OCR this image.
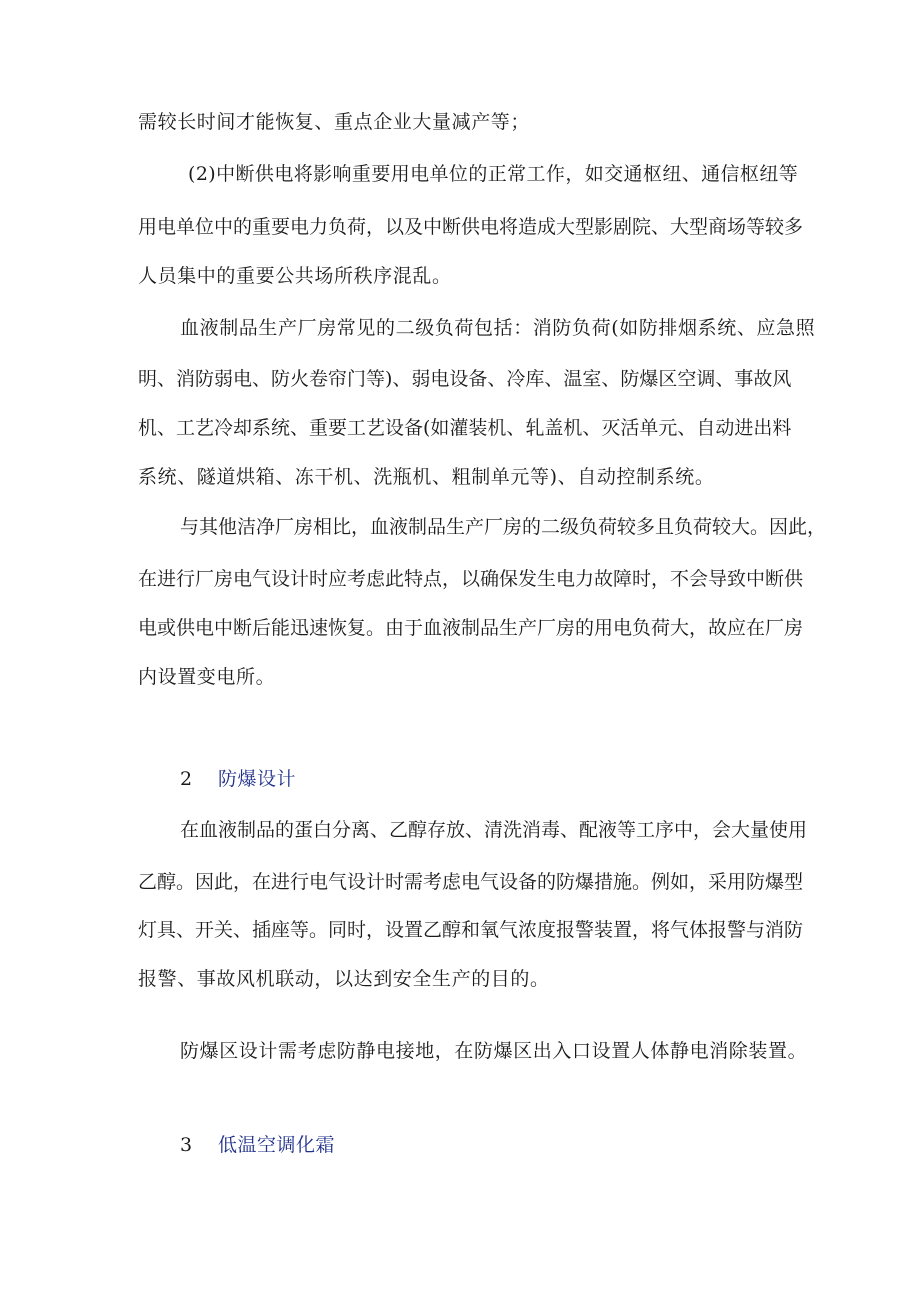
需较长时间才能恢复、重点企业大量减产等；
(2)中断供电将影响重要用电单位的正常工作，如交通枢纽、通信枢纽等
用电单位中的重要电力负荷，以及中断供电将造成大型影剧院、大型商场等较多
人员集中的重要公共场所秩序混乱。
血液制品生产厂房常见的二级负荷包括：消防负荷(如防排烟系统、应急照
明、消防弱电、防火卷帘门等)、弱电设备、冷库、温室、防爆区空调、事故风
机、工艺冷却系统、重要工艺设备(如灌装机、轧盖机、灭活单元、自动进出料
系统、隧道烘箱、冻干机、洗瓶机、粗制单元等)、自动控制系统。
与其他洁净厂房相比，血液制品生产厂房的二级负荷较多且负荷较大。因此，
在进行厂房电气设计时应考虑此特点，以确保发生电力故障时，不会导致中断供
电或供电中断后能迅速恢复。由于血液制品生产厂房的用电负荷大，故应在厂房
内设置变电所。
2 防爆设计
在血液制品的蛋白分离、乙醇存放、清洗消毒、配液等工序中，会大量使用
乙醇。因此，在进行电气设计时需考虑电气设备的防爆措施。例如，采用防爆型
灯具、开关、插座等。同时，设置乙醇和氧气浓度报警装置，将气体报警与消防
报警、事故风机联动，以达到安全生产的目的。
防爆区设计需考虑防静电接地，在防爆区出入口设置人体静电消除装置。
3 低温空调化霜
